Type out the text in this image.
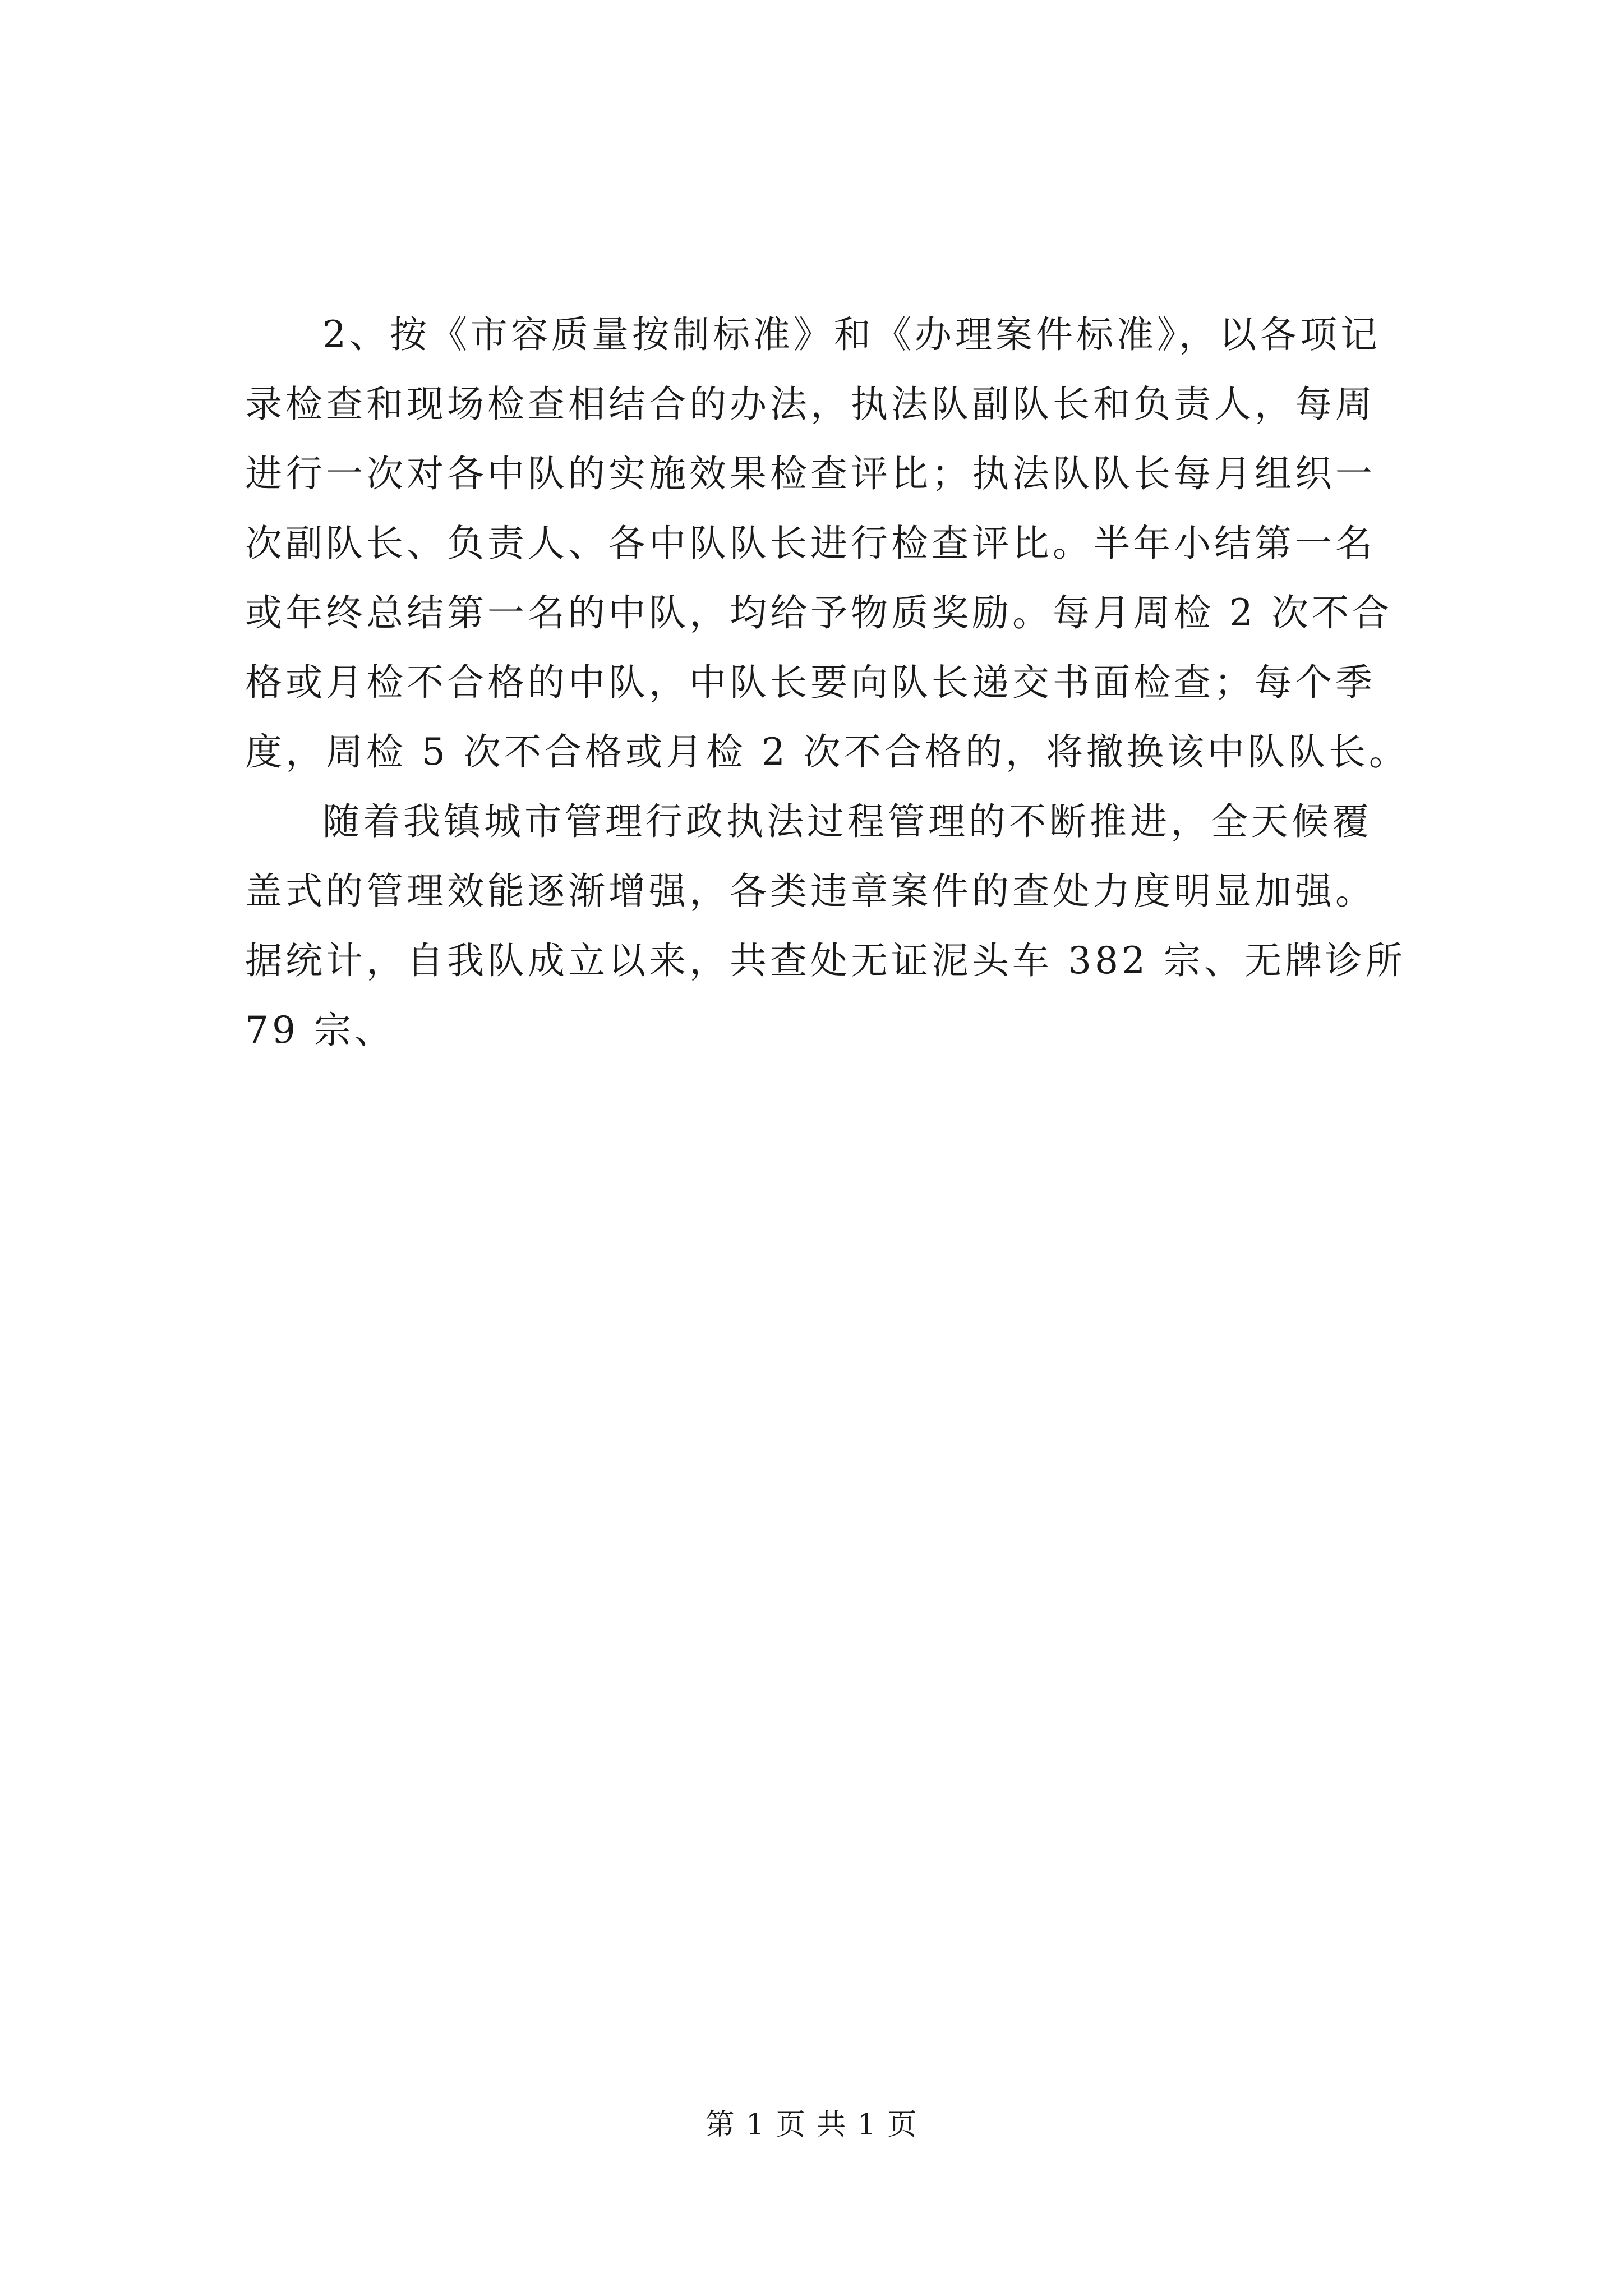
2、按《市容质量按制标准》和《办理案件标准》，以各项记
录检查和现场检查相结合的办法，执法队副队长和负责人，每周
进行一次对各中队的实施效果检查评比；执法队队长每月组织一
次副队长、负责人、各中队队长进行检查评比。半年小结第一名
或年终总结第一名的中队，均给予物质奖励。每月周检 2 次不合
格或月检不合格的中队，中队长要向队长递交书面检查；每个季
度，周检 5 次不合格或月检 2 次不合格的，将撤换该中队队长。

随着我镇城市管理行政执法过程管理的不断推进，全天候覆
盖式的管理效能逐渐增强，各类违章案件的查处力度明显加强。
据统计，自我队成立以来，共查处无证泥头车 382 宗、无牌诊所
79 宗、

第 1 页 共 1 页
